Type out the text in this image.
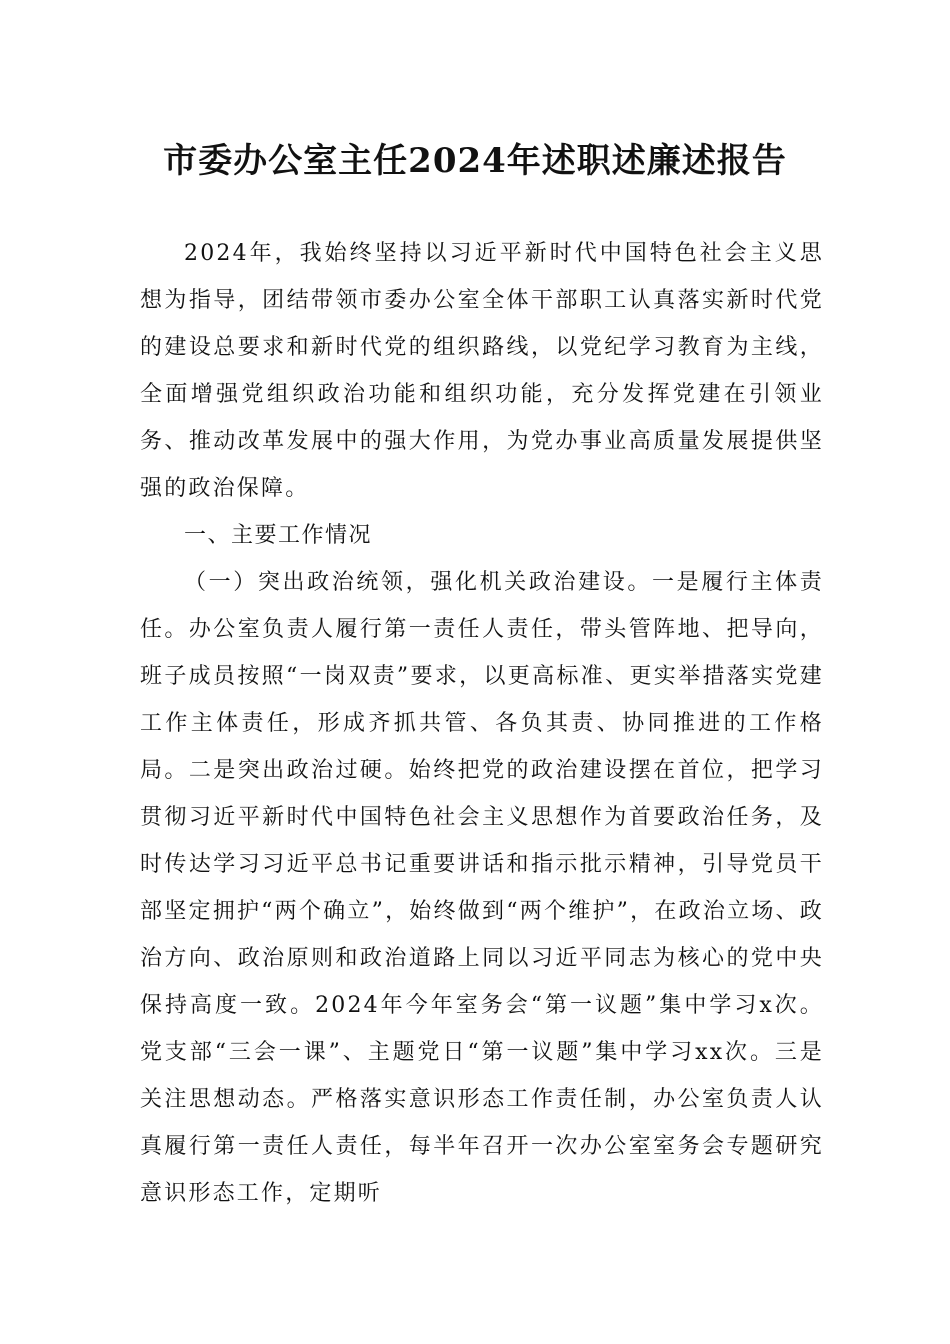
市委办公室主任2024年述职述廉述报告

2024年，我始终坚持以习近平新时代中国特色社会主义思想为指导，团结带领市委办公室全体干部职工认真落实新时代党的建设总要求和新时代党的组织路线，以党纪学习教育为主线，全面增强党组织政治功能和组织功能，充分发挥党建在引领业务、推动改革发展中的强大作用，为党办事业高质量发展提供坚强的政治保障。

一、主要工作情况

（一）突出政治统领，强化机关政治建设。一是履行主体责任。办公室负责人履行第一责任人责任，带头管阵地、把导向，班子成员按照“一岗双责”要求，以更高标准、更实举措落实党建工作主体责任，形成齐抓共管、各负其责、协同推进的工作格局。二是突出政治过硬。始终把党的政治建设摆在首位，把学习贯彻习近平新时代中国特色社会主义思想作为首要政治任务，及时传达学习习近平总书记重要讲话和指示批示精神，引导党员干部坚定拥护“两个确立”，始终做到“两个维护”，在政治立场、政治方向、政治原则和政治道路上同以习近平同志为核心的党中央保持高度一致。2024年今年室务会“第一议题”集中学习x次。党支部“三会一课”、主题党日“第一议题”集中学习xx次。三是关注思想动态。严格落实意识形态工作责任制，办公室负责人认真履行第一责任人责任，每半年召开一次办公室室务会专题研究意识形态工作，定期听
